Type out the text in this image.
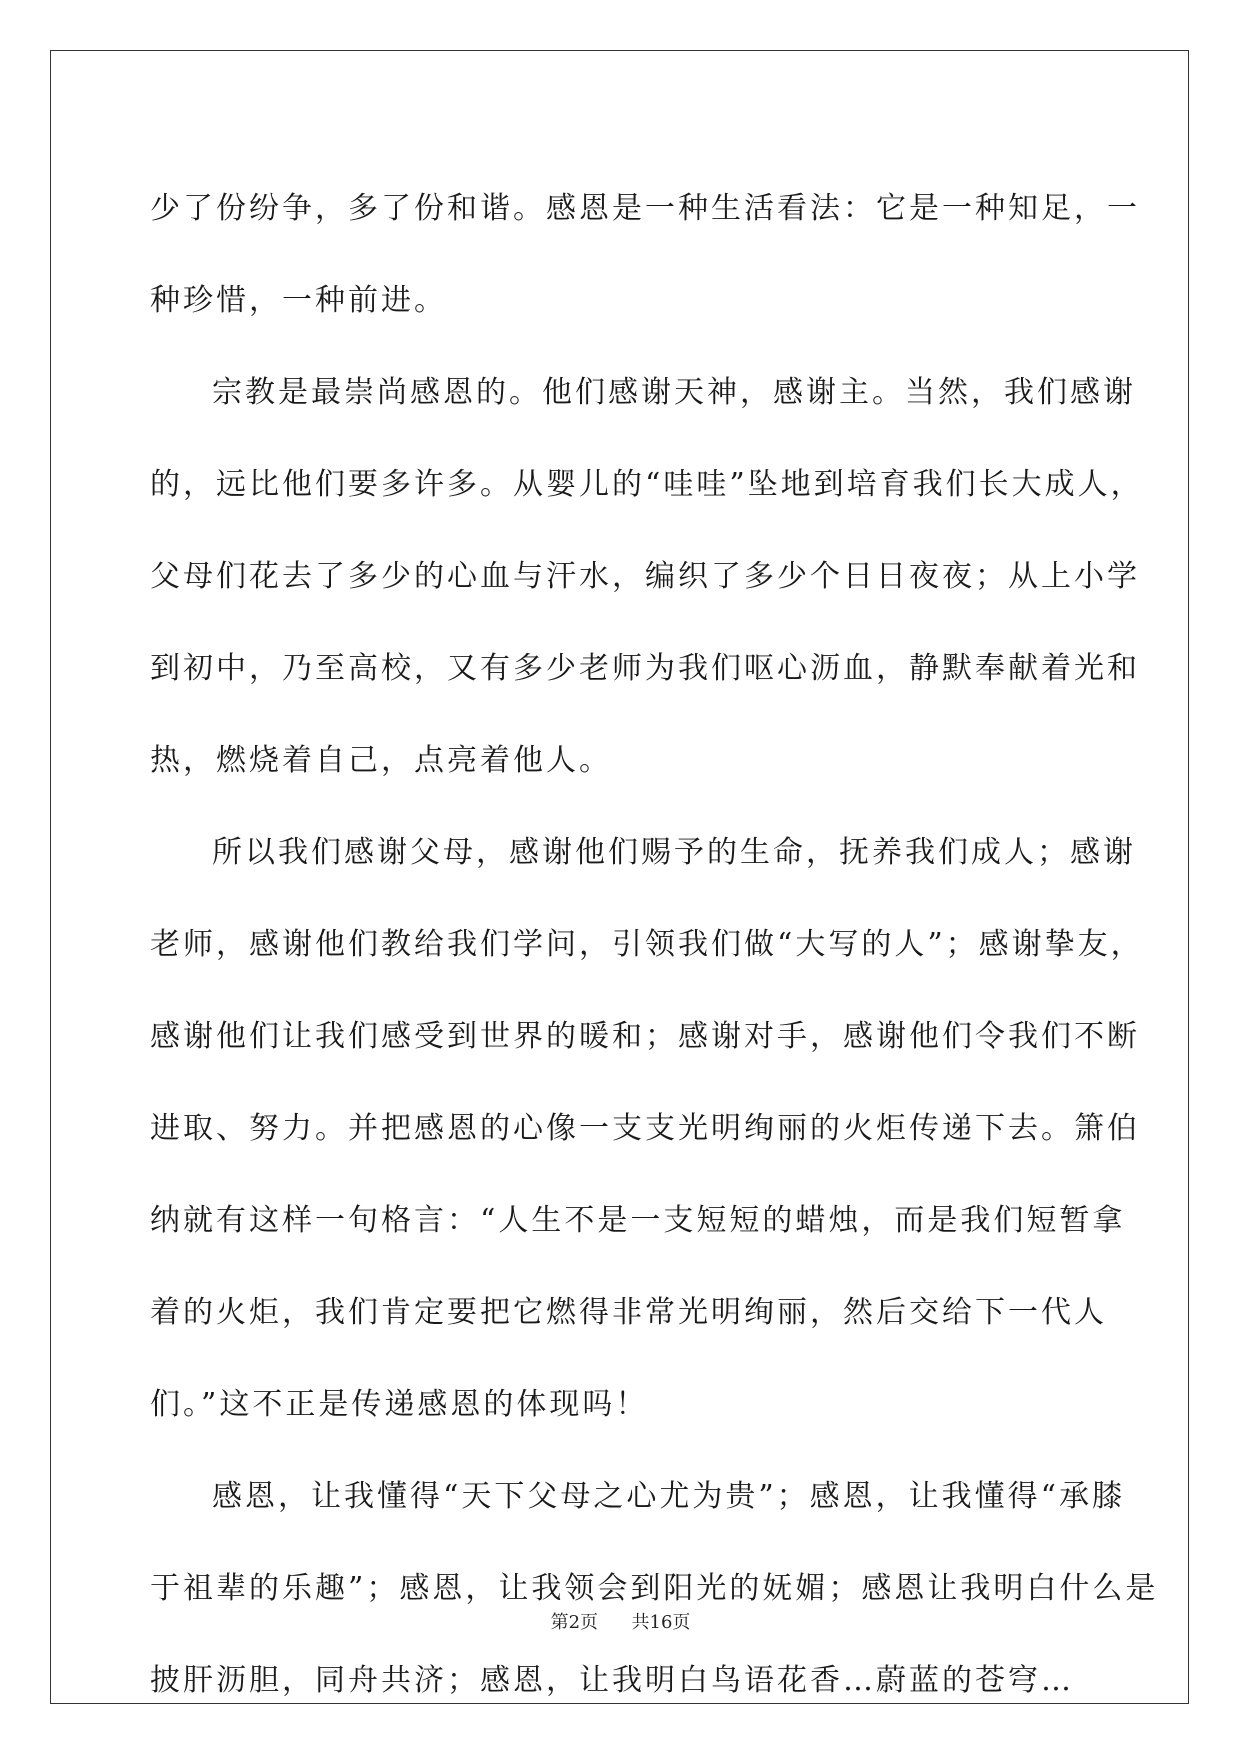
少了份纷争，多了份和谐。感恩是一种生活看法：它是一种知足，一
种珍惜，一种前进。
宗教是最崇尚感恩的。他们感谢天神，感谢主。当然，我们感谢
的，远比他们要多许多。从婴儿的“哇哇”坠地到培育我们长大成人，
父母们花去了多少的心血与汗水，编织了多少个日日夜夜；从上小学
到初中，乃至高校，又有多少老师为我们呕心沥血，静默奉献着光和
热，燃烧着自己，点亮着他人。
所以我们感谢父母，感谢他们赐予的生命，抚养我们成人；感谢
老师，感谢他们教给我们学问，引领我们做“大写的人”；感谢挚友，
感谢他们让我们感受到世界的暖和；感谢对手，感谢他们令我们不断
进取、努力。并把感恩的心像一支支光明绚丽的火炬传递下去。箫伯
纳就有这样一句格言：“人生不是一支短短的蜡烛，而是我们短暂拿
着的火炬，我们肯定要把它燃得非常光明绚丽，然后交给下一代人
们。”这不正是传递感恩的体现吗！
感恩，让我懂得“天下父母之心尤为贵”；感恩，让我懂得“承膝
于祖辈的乐趣”；感恩，让我领会到阳光的妩媚；感恩让我明白什么是
披肝沥胆，同舟共济；感恩，让我明白鸟语花香…蔚蓝的苍穹…
第2页 共16页
